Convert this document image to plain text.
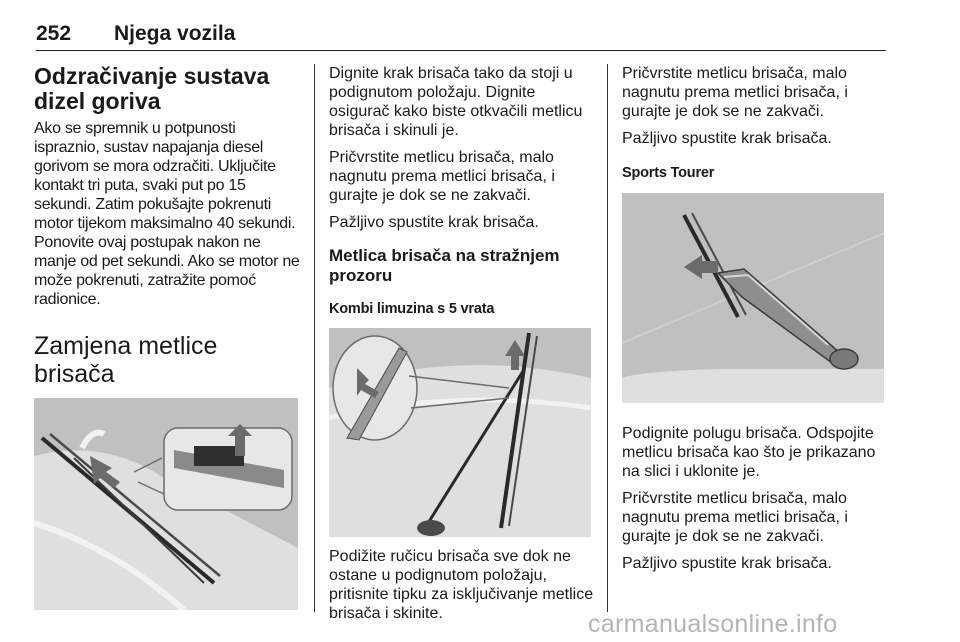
252 Njega vozila
Odzračivanje sustava dizel goriva

Ako se spremnik u potpunosti ispraznio, sustav napajanja diesel gorivom se mora odzračiti. Uključite kontakt tri puta, svaki put po 15 sekundi. Zatim pokušajte pokrenuti motor tijekom maksimalno 40 sekundi. Ponovite ovaj postupak nakon ne manje od pet sekundi. Ako se motor ne može pokrenuti, zatražite pomoć radionice.

Zamjena metlice brisača

Dignite krak brisača tako da stoji u podignutom položaju. Dignite osigurač kako biste otkvačili metlicu brisača i skinuli je.

Pričvrstite metlicu brisača, malo nagnutu prema metlici brisača, i gurajte je dok se ne zakvači.

Pažljivo spustite krak brisača.

Metlica brisača na stražnjem prozoru
Kombi limuzina s 5 vrata

Podižite ručicu brisača sve dok ne ostane u podignutom položaju, pritisnite tipku za isključivanje metlice brisača i skinite.

Pričvrstite metlicu brisača, malo nagnutu prema metlici brisača, i gurajte je dok se ne zakvači.

Pažljivo spustite krak brisača.

Sports Tourer

Podignite polugu brisača. Odspojite metlicu brisača kao što je prikazano na slici i uklonite je.

Pričvrstite metlicu brisača, malo nagnutu prema metlici brisača, i gurajte je dok se ne zakvači.

Pažljivo spustite krak brisača.

carmanualsonline.info
